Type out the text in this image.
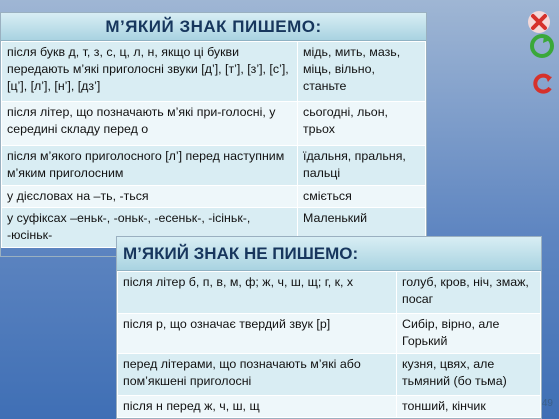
М’ЯКИЙ ЗНАК ПИШЕМО:
після букв д, т, з, с, ц, л, н, якщо ці букви передають м’які приголосні звуки [д’], [т’], [з’], [с’], [ц’], [л’], [н’], [дз’]	мідь, мить, мазь, міць, вільно, станьте
після літер, що позначають м’які при-голосні, у середині складу перед о	сьогодні, льон, трьох
після м’якого приголосного [л’] перед наступним м’яким приголосним	їдальня, пральня, пальці
у дієсловах на –ть, -ться	сміється
у суфіксах –еньк-, -оньк-, -есеньк-, -ісіньк-, -юсіньк-	Маленький
М’ЯКИЙ ЗНАК НЕ ПИШЕМО:
після літер б, п, в, м, ф; ж, ч, ш, щ; г, к, х	голуб, кров, ніч, змаж, посаг
після р, що означає твердий звук [р]	Сибір, вірно, але Горький
перед літерами, що позначають м’які або пом’якшені приголосні	кузня, цвях, але тьмяний (бо тьма)
після н перед ж, ч, ш, щ	тонший, кінчик	49
